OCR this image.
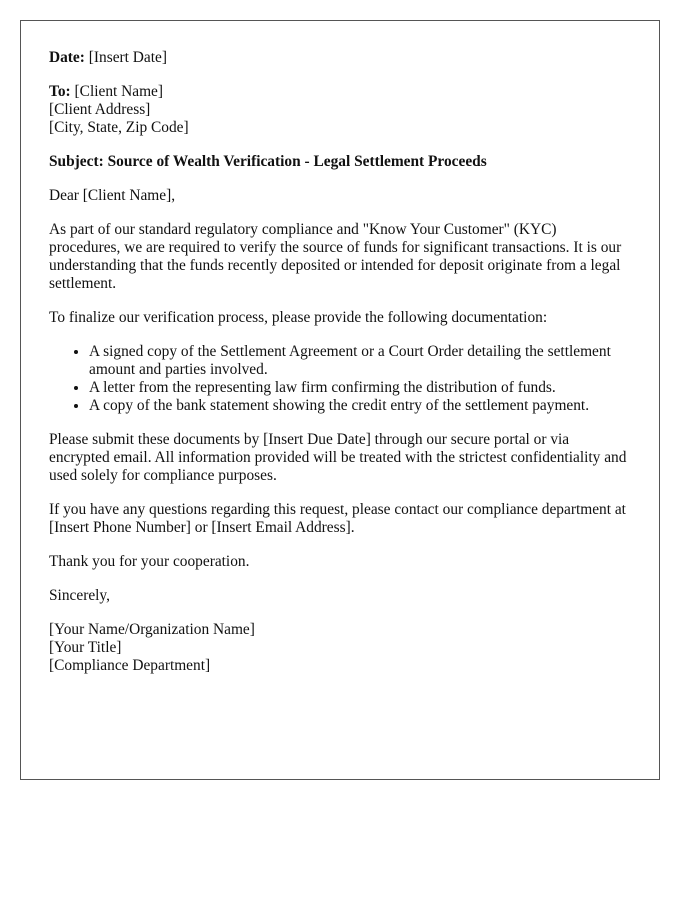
Date: [Insert Date]

To: [Client Name]
[Client Address]
[City, State, Zip Code]

Subject: Source of Wealth Verification - Legal Settlement Proceeds

Dear [Client Name],

As part of our standard regulatory compliance and "Know Your Customer" (KYC) procedures, we are required to verify the source of funds for significant transactions. It is our understanding that the funds recently deposited or intended for deposit originate from a legal settlement.

To finalize our verification process, please provide the following documentation:

• A signed copy of the Settlement Agreement or a Court Order detailing the settlement amount and parties involved.
• A letter from the representing law firm confirming the distribution of funds.
• A copy of the bank statement showing the credit entry of the settlement payment.

Please submit these documents by [Insert Due Date] through our secure portal or via encrypted email. All information provided will be treated with the strictest confidentiality and used solely for compliance purposes.

If you have any questions regarding this request, please contact our compliance department at [Insert Phone Number] or [Insert Email Address].

Thank you for your cooperation.

Sincerely,

[Your Name/Organization Name]
[Your Title]
[Compliance Department]
